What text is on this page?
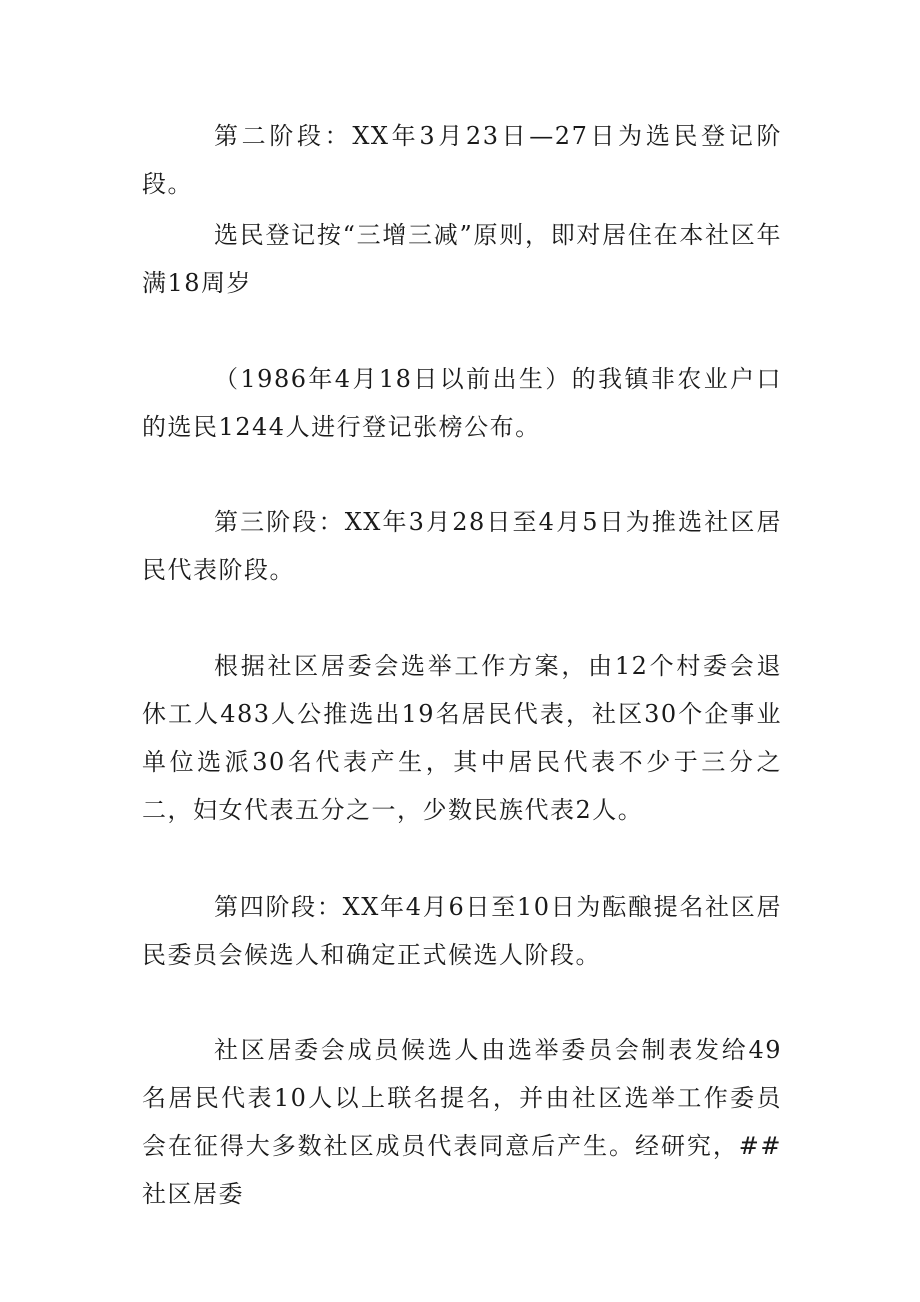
第二阶段：XX年3月23日—27日为选民登记阶段。

选民登记按“三增三减”原则，即对居住在本社区年满18周岁

（1986年4月18日以前出生）的我镇非农业户口的选民1244人进行登记张榜公布。

第三阶段：XX年3月28日至4月5日为推选社区居民代表阶段。

根据社区居委会选举工作方案，由12个村委会退休工人483人公推选出19名居民代表，社区30个企事业单位选派30名代表产生，其中居民代表不少于三分之二，妇女代表五分之一，少数民族代表2人。

第四阶段：XX年4月6日至10日为酝酿提名社区居民委员会候选人和确定正式候选人阶段。

社区居委会成员候选人由选举委员会制表发给49名居民代表10人以上联名提名，并由社区选举工作委员会在征得大多数社区成员代表同意后产生。经研究，##社区居委
